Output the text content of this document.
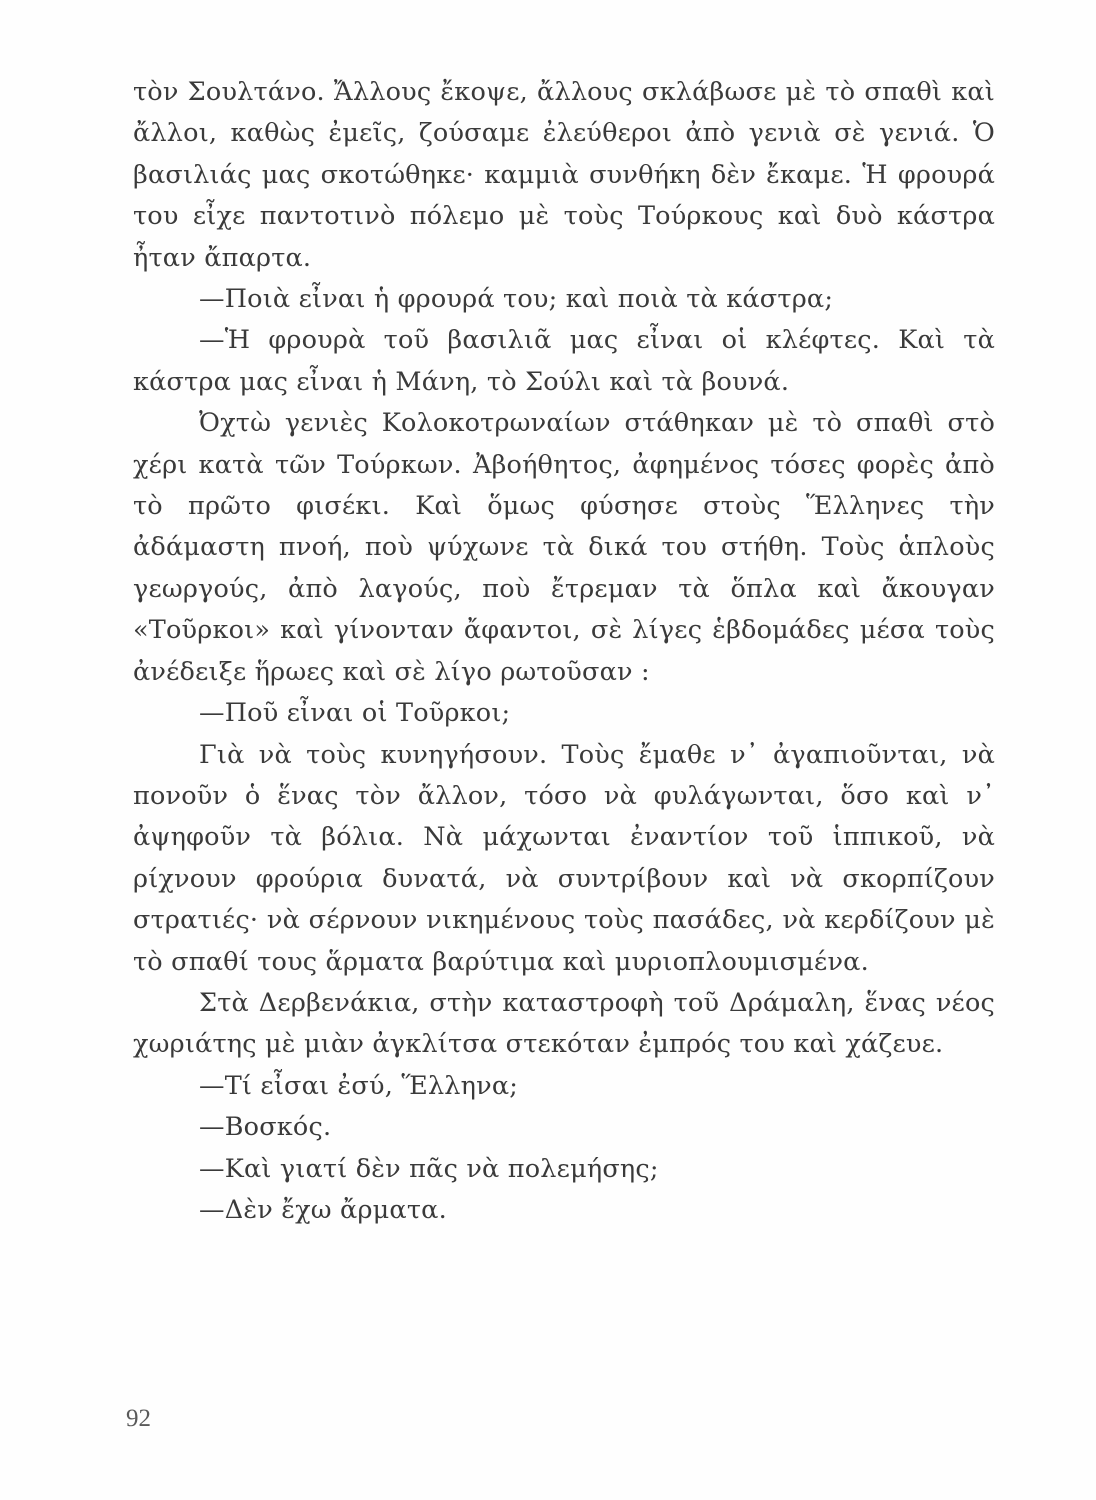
τὸν Σουλτάνο. Ἄλλους ἔκοψε, ἄλλους σκλάβωσε μὲ τὸ σπαθὶ καὶ ἄλλοι, καθὼς ἐμεῖς, ζούσαμε ἐλεύθεροι ἀπὸ γενιὰ σὲ γενιά. Ὁ βασιλιάς μας σκοτώθηκε· καμμιὰ συνθήκη δὲν ἔκαμε. Ἡ φρουρά του εἶχε παντοτινὸ πόλεμο μὲ τοὺς Τούρκους καὶ δυὸ κάστρα ἦταν ἄπαρτα.

—Ποιὰ εἶναι ἡ φρουρά του; καὶ ποιὰ τὰ κάστρα;

—Ἡ φρουρὰ τοῦ βασιλιᾶ μας εἶναι οἱ κλέφτες. Καὶ τὰ κάστρα μας εἶναι ἡ Μάνη, τὸ Σούλι καὶ τὰ βουνά.

Ὀχτὼ γενιὲς Κολοκοτρωναίων στάθηκαν μὲ τὸ σπαθὶ στὸ χέρι κατὰ τῶν Τούρκων. Ἀβοήθητος, ἀφημένος τόσες φορὲς ἀπὸ τὸ πρῶτο φισέκι. Καὶ ὅμως φύσησε στοὺς Ἕλληνες τὴν ἀδάμαστη πνοή, ποὺ ψύχωνε τὰ δικά του στήθη. Τοὺς ἁπλοὺς γεωργούς, ἀπὸ λαγούς, ποὺ ἔτρεμαν τὰ ὅπλα καὶ ἄκουγαν «Τοῦρκοι» καὶ γίνονταν ἄφαντοι, σὲ λίγες ἑβδομάδες μέσα τοὺς ἀνέδειξε ἥρωες καὶ σὲ λίγο ρωτοῦσαν :

—Ποῦ εἶναι οἱ Τοῦρκοι;

Γιὰ νὰ τοὺς κυνηγήσουν. Τοὺς ἔμαθε ν᾽ ἀγαπιοῦνται, νὰ πονοῦν ὁ ἕνας τὸν ἄλλον, τόσο νὰ φυλάγωνται, ὅσο καὶ ν᾽ ἀψηφοῦν τὰ βόλια. Νὰ μάχωνται ἐναντίον τοῦ ἱππικοῦ, νὰ ρίχνουν φρούρια δυνατά, νὰ συντρίβουν καὶ νὰ σκορπίζουν στρατιές· νὰ σέρνουν νικημένους τοὺς πασάδες, νὰ κερδίζουν μὲ τὸ σπαθί τους ἅρματα βαρύτιμα καὶ μυριοπλουμισμένα.

Στὰ Δερβενάκια, στὴν καταστροφὴ τοῦ Δράμαλη, ἕνας νέος χωριάτης μὲ μιὰν ἀγκλίτσα στεκόταν ἐμπρός του καὶ χάζευε.

—Τί εἶσαι ἐσύ, Ἕλληνα;

—Βοσκός.

—Καὶ γιατί δὲν πᾶς νὰ πολεμήσης;

—Δὲν ἔχω ἄρματα.

92
